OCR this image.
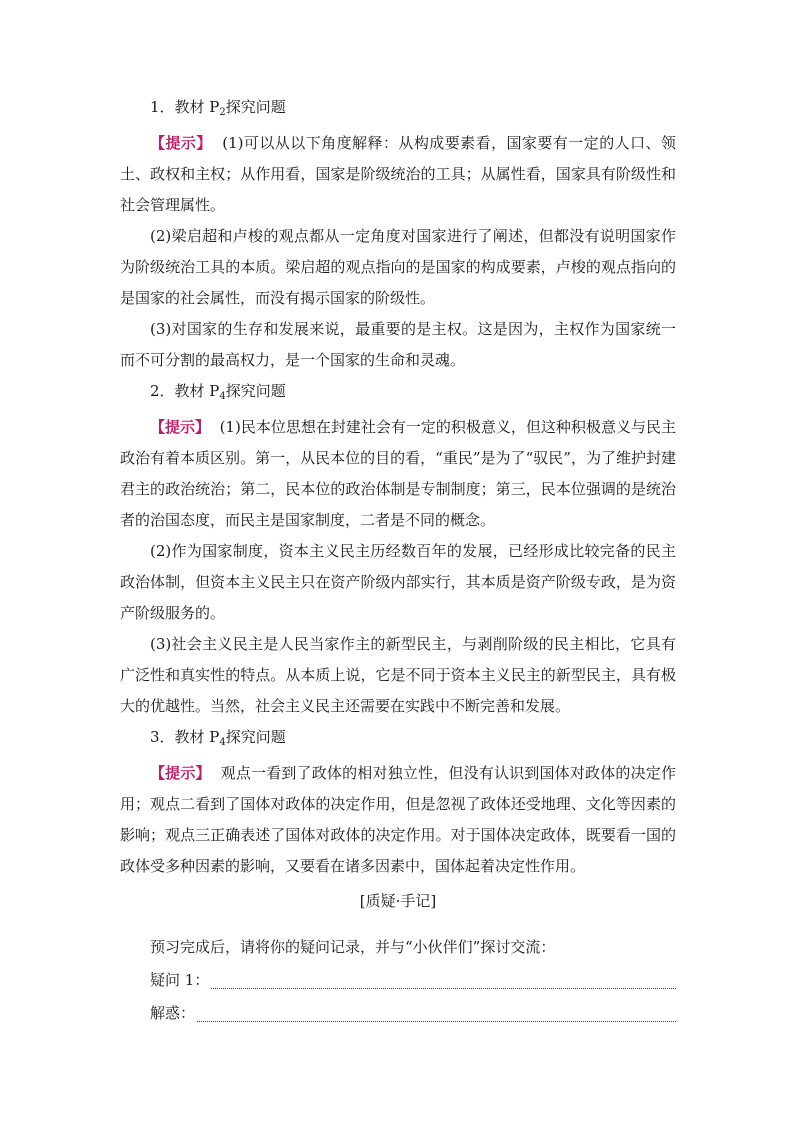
1．教材 $P_2$探究问题

【提示】 (1)可以从以下角度解释：从构成要素看，国家要有一定的人口、领土、政权和主权；从作用看，国家是阶级统治的工具；从属性看，国家具有阶级性和社会管理属性。

(2)梁启超和卢梭的观点都从一定角度对国家进行了阐述，但都没有说明国家作为阶级统治工具的本质。梁启超的观点指向的是国家的构成要素，卢梭的观点指向的是国家的社会属性，而没有揭示国家的阶级性。

(3)对国家的生存和发展来说，最重要的是主权。这是因为，主权作为国家统一而不可分割的最高权力，是一个国家的生命和灵魂。

2．教材 $P_4$探究问题

【提示】 (1)民本位思想在封建社会有一定的积极意义，但这种积极意义与民主政治有着本质区别。第一，从民本位的目的看，“重民”是为了“驭民”，为了维护封建君主的政治统治；第二，民本位的政治体制是专制制度；第三，民本位强调的是统治者的治国态度，而民主是国家制度，二者是不同的概念。

(2)作为国家制度，资本主义民主历经数百年的发展，已经形成比较完备的民主政治体制，但资本主义民主只在资产阶级内部实行，其本质是资产阶级专政，是为资产阶级服务的。

(3)社会主义民主是人民当家作主的新型民主，与剥削阶级的民主相比，它具有广泛性和真实性的特点。从本质上说，它是不同于资本主义民主的新型民主，具有极大的优越性。当然，社会主义民主还需要在实践中不断完善和发展。

3．教材 $P_4$探究问题

【提示】 观点一看到了政体的相对独立性，但没有认识到国体对政体的决定作用；观点二看到了国体对政体的决定作用，但是忽视了政体还受地理、文化等因素的影响；观点三正确表述了国体对政体的决定作用。对于国体决定政体，既要看一国的政体受多种因素的影响，又要看在诸多因素中，国体起着决定性作用。

[质疑·手记]

预习完成后，请将你的疑问记录，并与“小伙伴们”探讨交流：

疑问 1：
解惑：
